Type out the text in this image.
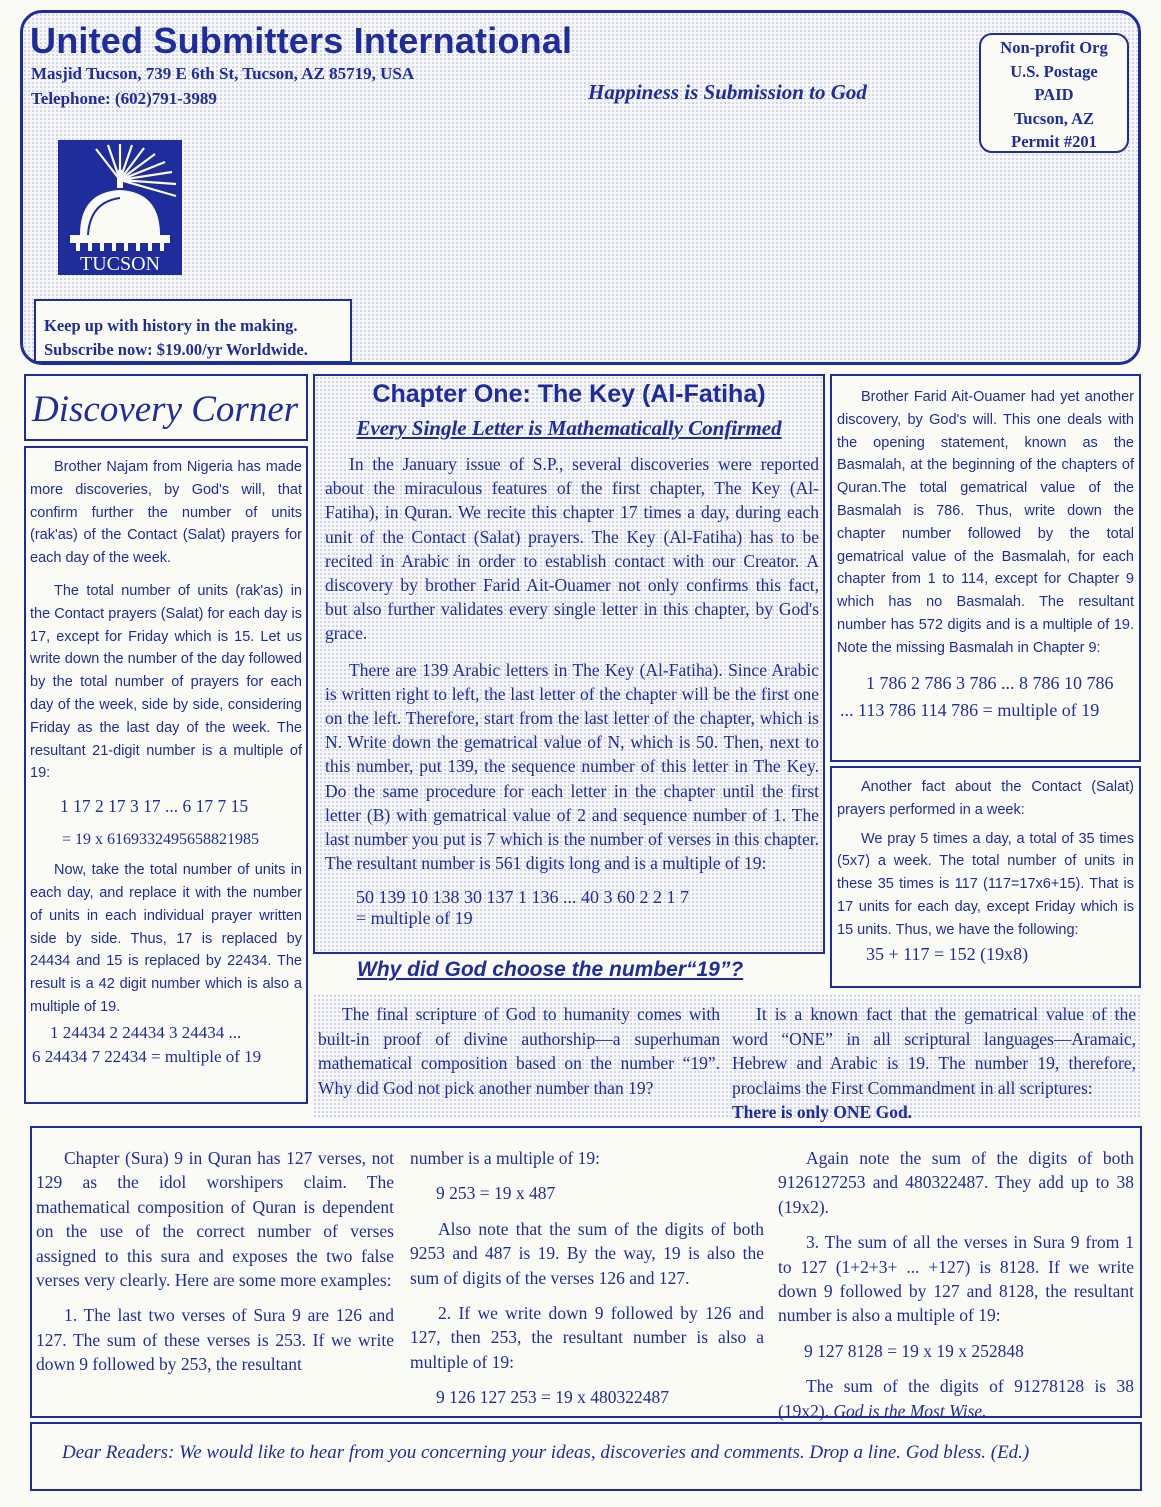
United Submitters International
Masjid Tucson, 739 E 6th St, Tucson, AZ 85719, USA
Telephone: (602)791-3989	Happiness is Submission to God
Non-profit Org
U.S. Postage
PAID
Tucson, AZ
Permit #201
TUCSON
Keep up with history in the making.
Subscribe now: $19.00/yr Worldwide.
Discovery Corner

Brother Najam from Nigeria has made more discoveries, by God's will, that confirm further the number of units (rak'as) of the Contact (Salat) prayers for each day of the week.

The total number of units (rak'as) in the Contact prayers (Salat) for each day is 17, except for Friday which is 15. Let us write down the number of the day followed by the total number of prayers for each day of the week, side by side, considering Friday as the last day of the week. The resultant 21-digit number is a multiple of 19:

1 17 2 17 3 17 ... 6 17 7 15
= 19 x 6169332495658821985

Now, take the total number of units in each day, and replace it with the number of units in each individual prayer written side by side. Thus, 17 is replaced by 24434 and 15 is replaced by 22434. The result is a 42 digit number which is also a multiple of 19.

1 24434 2 24434 3 24434 ...
6 24434 7 22434 = multiple of 19
Chapter One: The Key (Al-Fatiha)
Every Single Letter is Mathematically Confirmed

In the January issue of S.P., several discoveries were reported about the miraculous features of the first chapter, The Key (Al-Fatiha), in Quran. We recite this chapter 17 times a day, during each unit of the Contact (Salat) prayers. The Key (Al-Fatiha) has to be recited in Arabic in order to establish contact with our Creator. A discovery by brother Farid Ait-Ouamer not only confirms this fact, but also further validates every single letter in this chapter, by God's grace.

There are 139 Arabic letters in The Key (Al-Fatiha). Since Arabic is written right to left, the last letter of the chapter will be the first one on the left. Therefore, start from the last letter of the chapter, which is N. Write down the gematrical value of N, which is 50. Then, next to this number, put 139, the sequence number of this letter in The Key. Do the same procedure for each letter in the chapter until the first letter (B) with gematrical value of 2 and sequence number of 1. The last number you put is 7 which is the number of verses in this chapter. The resultant number is 561 digits long and is a multiple of 19:

50 139 10 138 30 137 1 136 ... 40 3 60 2 2 1 7
= multiple of 19

Brother Farid Ait-Ouamer had yet another discovery, by God's will. This one deals with the opening statement, known as the Basmalah, at the beginning of the chapters of Quran.The total gematrical value of the Basmalah is 786. Thus, write down the chapter number followed by the total gematrical value of the Basmalah, for each chapter from 1 to 114, except for Chapter 9 which has no Basmalah. The resultant number has 572 digits and is a multiple of 19. Note the missing Basmalah in Chapter 9:

1 786 2 786 3 786 ... 8 786 10 786
... 113 786 114 786 = multiple of 19

Another fact about the Contact (Salat) prayers performed in a week:

We pray 5 times a day, a total of 35 times (5x7) a week. The total number of units in these 35 times is 117 (117=17x6+15). That is 17 units for each day, except Friday which is 15 units. Thus, we have the following:

35 + 117 = 152 (19x8)
Why did God choose the number“19”?

The final scripture of God to humanity comes with built-in proof of divine authorship—a superhuman mathematical composition based on the number “19”. Why did God not pick another number than 19?

It is a known fact that the gematrical value of the word “ONE” in all scriptural languages—Aramaic, Hebrew and Arabic is 19. The number 19, therefore, proclaims the First Commandment in all scriptures:

There is only ONE God.

Chapter (Sura) 9 in Quran has 127 verses, not 129 as the idol worshipers claim. The mathematical composition of Quran is dependent on the use of the correct number of verses assigned to this sura and exposes the two false verses very clearly. Here are some more examples:

1. The last two verses of Sura 9 are 126 and 127. The sum of these verses is 253. If we write down 9 followed by 253, the resultant

number is a multiple of 19:

9 253 = 19 x 487

Also note that the sum of the digits of both 9253 and 487 is 19. By the way, 19 is also the sum of digits of the verses 126 and 127.

2. If we write down 9 followed by 126 and 127, then 253, the resultant number is also a multiple of 19:

9 126 127 253 = 19 x 480322487

Again note the sum of the digits of both 9126127253 and 480322487. They add up to 38 (19x2).

3. The sum of all the verses in Sura 9 from 1 to 127 (1+2+3+ ... +127) is 8128. If we write down 9 followed by 127 and 8128, the resultant number is also a multiple of 19:

9 127 8128 = 19 x 19 x 252848

The sum of the digits of 91278128 is 38 (19x2). God is the Most Wise.

Dear Readers: We would like to hear from you concerning your ideas, discoveries and comments. Drop a line. God bless. (Ed.)
